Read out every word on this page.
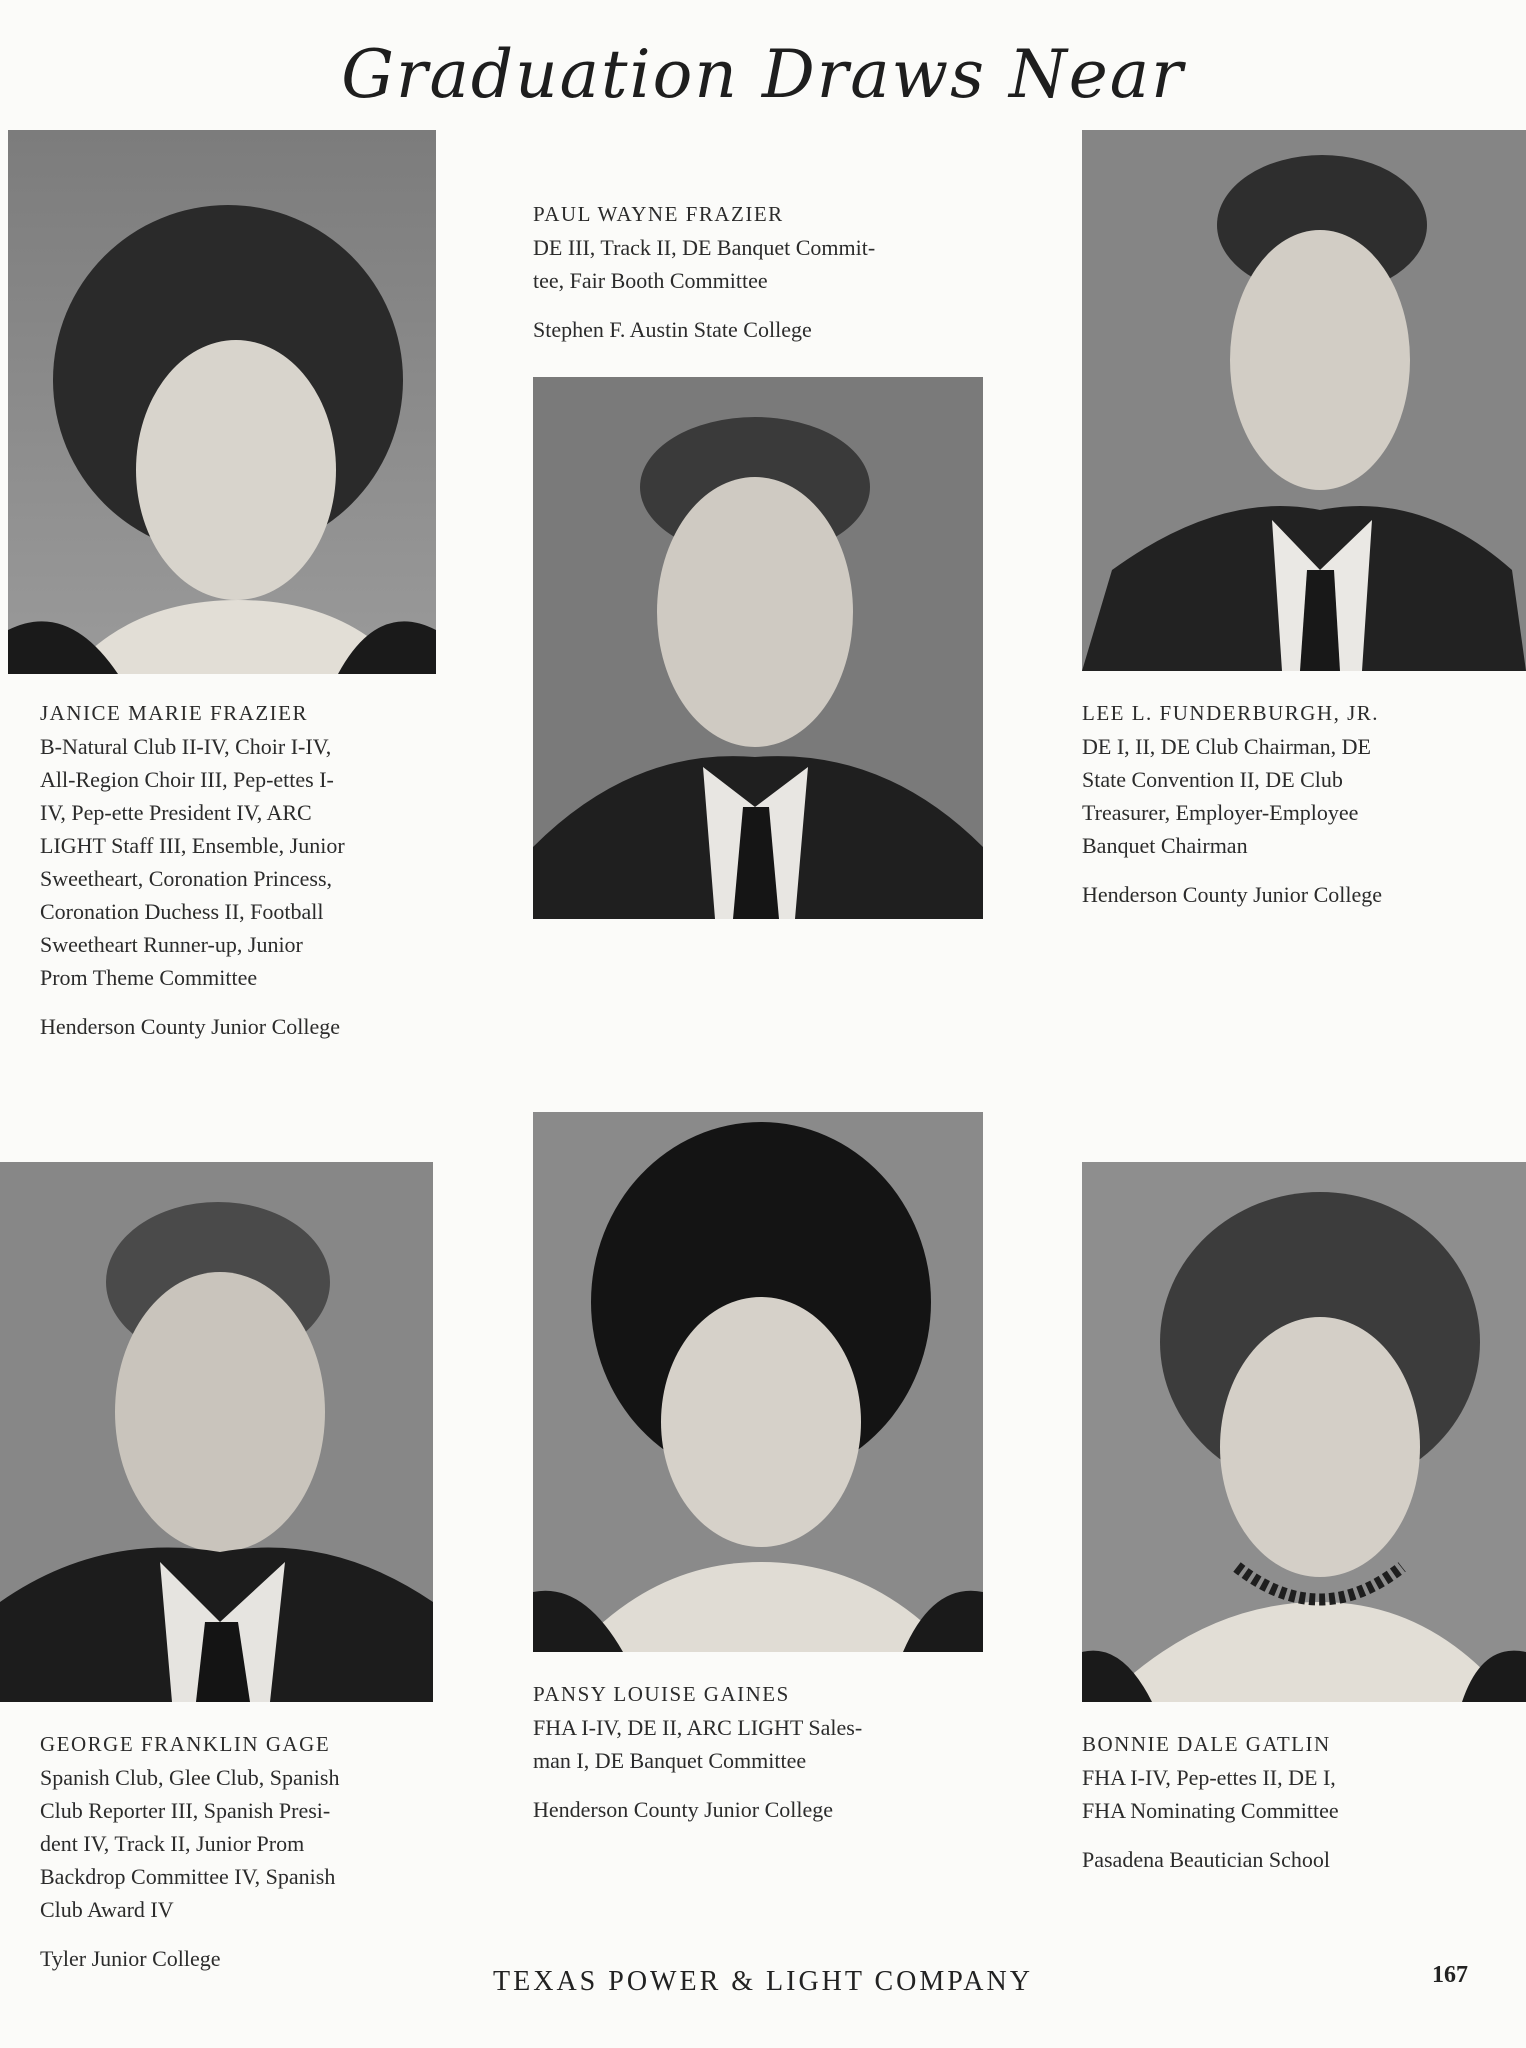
Graduation Draws Near
PAUL WAYNE FRAZIER
DE III, Track II, DE Banquet Commit-
tee, Fair Booth Committee
Stephen F. Austin State College
JANICE MARIE FRAZIER
B-Natural Club II-IV, Choir I-IV,
All-Region Choir III, Pep-ettes I-
IV, Pep-ette President IV, ARC
LIGHT Staff III, Ensemble, Junior
Sweetheart, Coronation Princess,
Coronation Duchess II, Football
Sweetheart Runner-up, Junior
Prom Theme Committee
Henderson County Junior College
LEE L. FUNDERBURGH, JR.
DE I, II, DE Club Chairman, DE
State Convention II, DE Club
Treasurer, Employer-Employee
Banquet Chairman
Henderson County Junior College
GEORGE FRANKLIN GAGE
Spanish Club, Glee Club, Spanish
Club Reporter III, Spanish Presi-
dent IV, Track II, Junior Prom
Backdrop Committee IV, Spanish
Club Award IV
Tyler Junior College
PANSY LOUISE GAINES
FHA I-IV, DE II, ARC LIGHT Sales-
man I, DE Banquet Committee
Henderson County Junior College
BONNIE DALE GATLIN
FHA I-IV, Pep-ettes II, DE I,
FHA Nominating Committee
Pasadena Beautician School
TEXAS POWER & LIGHT COMPANY	167
